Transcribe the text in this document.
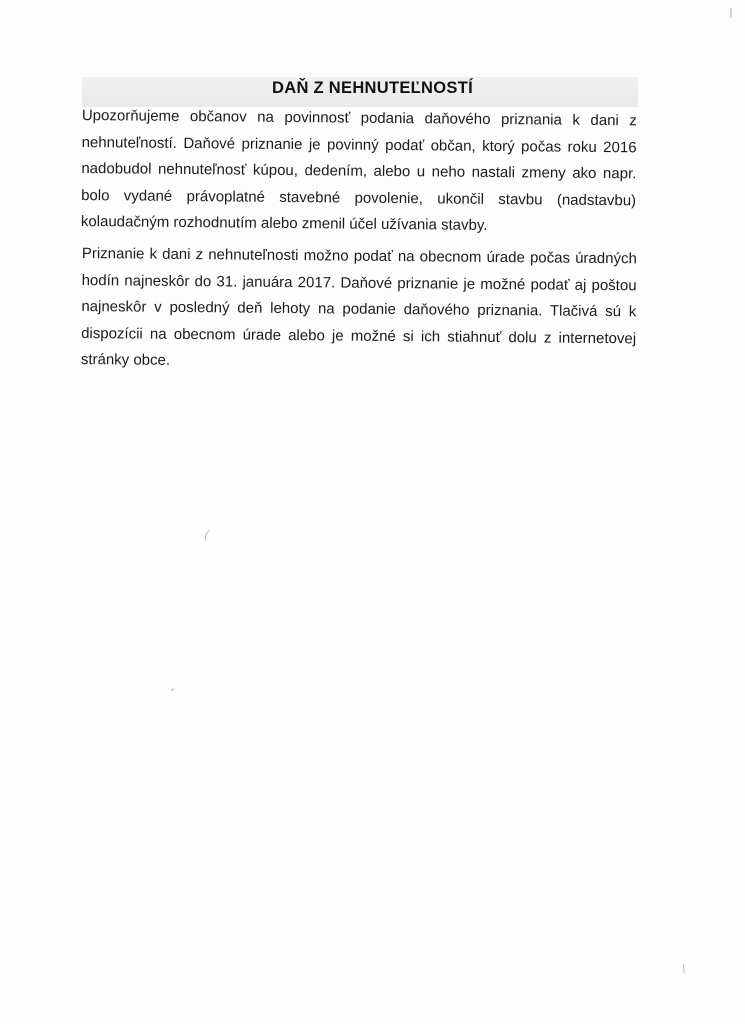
DAŇ Z NEHNUTEĽNOSTÍ

Upozorňujeme občanov na povinnosť podania daňového priznania k dani z nehnuteľností. Daňové priznanie je povinný podať občan, ktorý počas roku 2016 nadobudol nehnuteľnosť kúpou, dedením, alebo u neho nastali zmeny ako napr. bolo vydané právoplatné stavebné povolenie, ukončil stavbu (nadstavbu) kolaudačným rozhodnutím alebo zmenil účel užívania stavby.

Priznanie k dani z nehnuteľnosti možno podať na obecnom úrade počas úradných hodín najneskôr do 31. januára 2017. Daňové priznanie je možné podať aj poštou najneskôr v posledný deň lehoty na podanie daňového priznania. Tlačivá sú k dispozícii na obecnom úrade alebo je možné si ich stiahnuť dolu z internetovej stránky obce.

(
-
\
